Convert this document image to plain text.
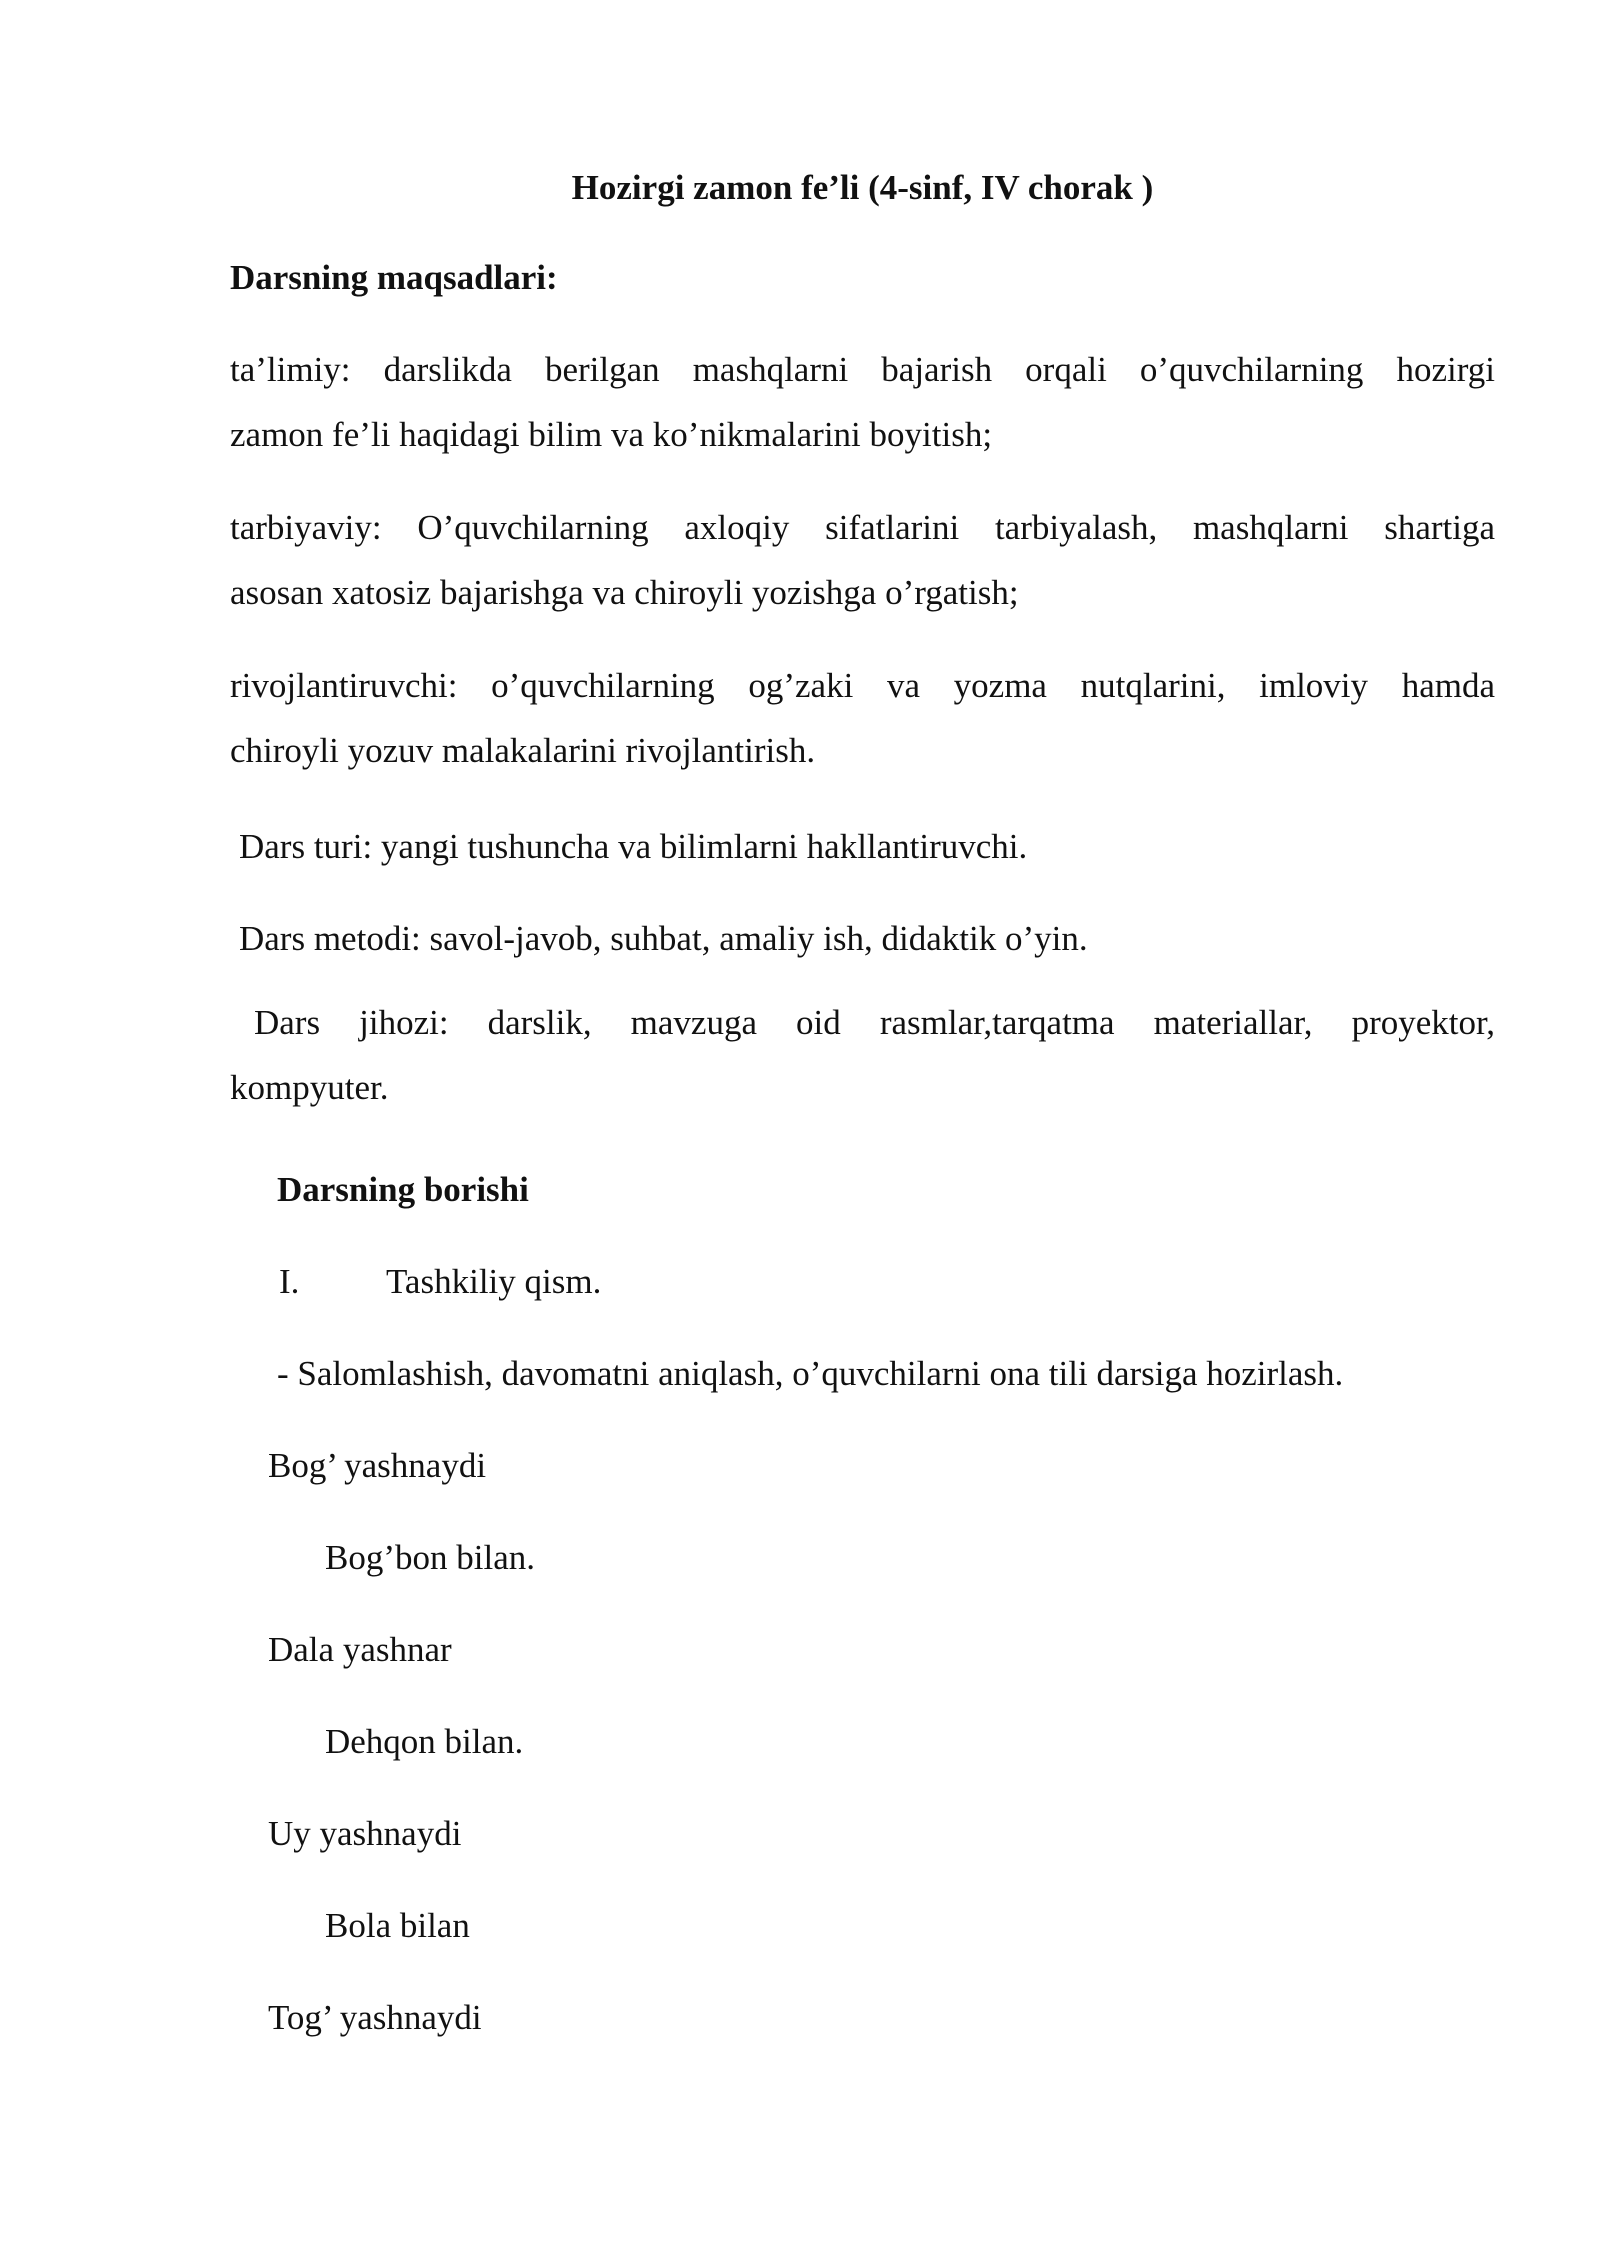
Hozirgi zamon fe’li (4-sinf, IV chorak )
Darsning maqsadlari:
ta’limiy: darslikda berilgan mashqlarni bajarish orqali o’quvchilarning hozirgi
zamon fe’li haqidagi bilim va ko’nikmalarini boyitish;
tarbiyaviy: O’quvchilarning axloqiy sifatlarini tarbiyalash, mashqlarni shartiga
asosan xatosiz bajarishga va chiroyli yozishga o’rgatish;
rivojlantiruvchi: o’quvchilarning og’zaki va yozma nutqlarini, imloviy hamda
chiroyli yozuv malakalarini rivojlantirish.
Dars turi: yangi tushuncha va bilimlarni hakllantiruvchi.
Dars metodi: savol-javob, suhbat, amaliy ish, didaktik o’yin.
Dars jihozi: darslik, mavzuga oid rasmlar,tarqatma materiallar, proyektor,
kompyuter.
Darsning borishi
I. Tashkiliy qism.
- Salomlashish, davomatni aniqlash, o’quvchilarni ona tili darsiga hozirlash.
Bog’ yashnaydi
Bog’bon bilan.
Dala yashnar
Dehqon bilan.
Uy yashnaydi
Bola bilan
Tog’ yashnaydi
